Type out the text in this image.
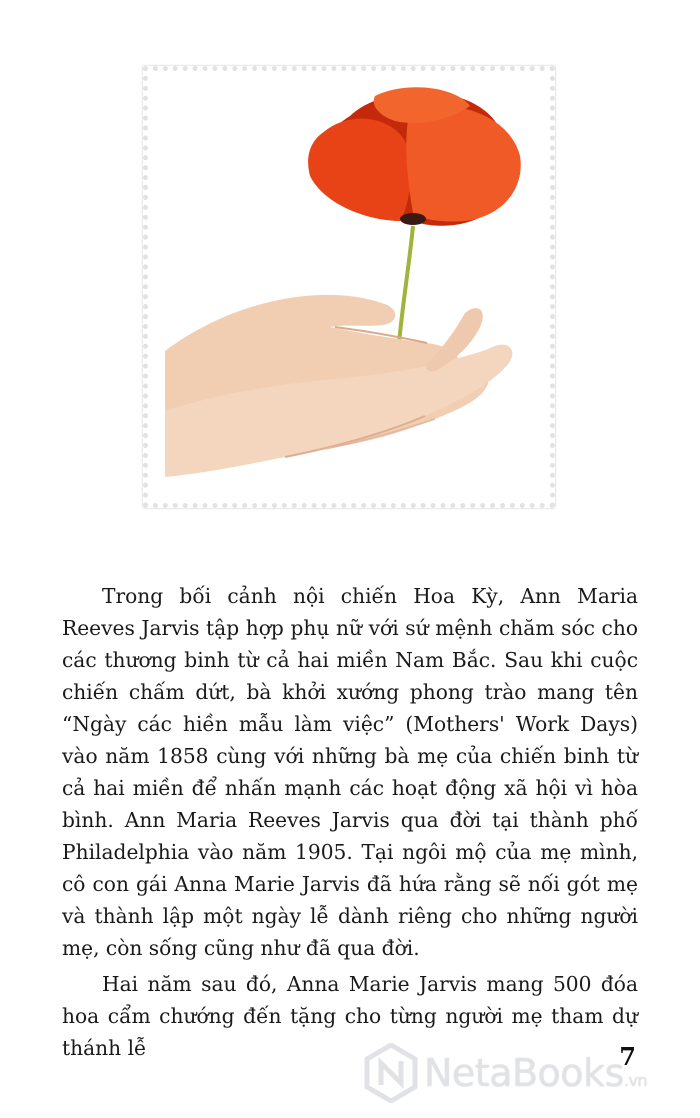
Trong bối cảnh nội chiến Hoa Kỳ, Ann Maria Reeves Jarvis tập hợp phụ nữ với sứ mệnh chăm sóc cho các thương binh từ cả hai miền Nam Bắc. Sau khi cuộc chiến chấm dứt, bà khởi xướng phong trào mang tên “Ngày các hiền mẫu làm việc” (Mothers' Work Days) vào năm 1858 cùng với những bà mẹ của chiến binh từ cả hai miền để nhấn mạnh các hoạt động xã hội vì hòa bình. Ann Maria Reeves Jarvis qua đời tại thành phố Philadelphia vào năm 1905. Tại ngôi mộ của mẹ mình, cô con gái Anna Marie Jarvis đã hứa rằng sẽ nối gót mẹ và thành lập một ngày lễ dành riêng cho những người mẹ, còn sống cũng như đã qua đời.

Hai năm sau đó, Anna Marie Jarvis mang 500 đóa hoa cẩm chướng đến tặng cho từng người mẹ tham dự thánh lễ	7
NetaBooks.vn
